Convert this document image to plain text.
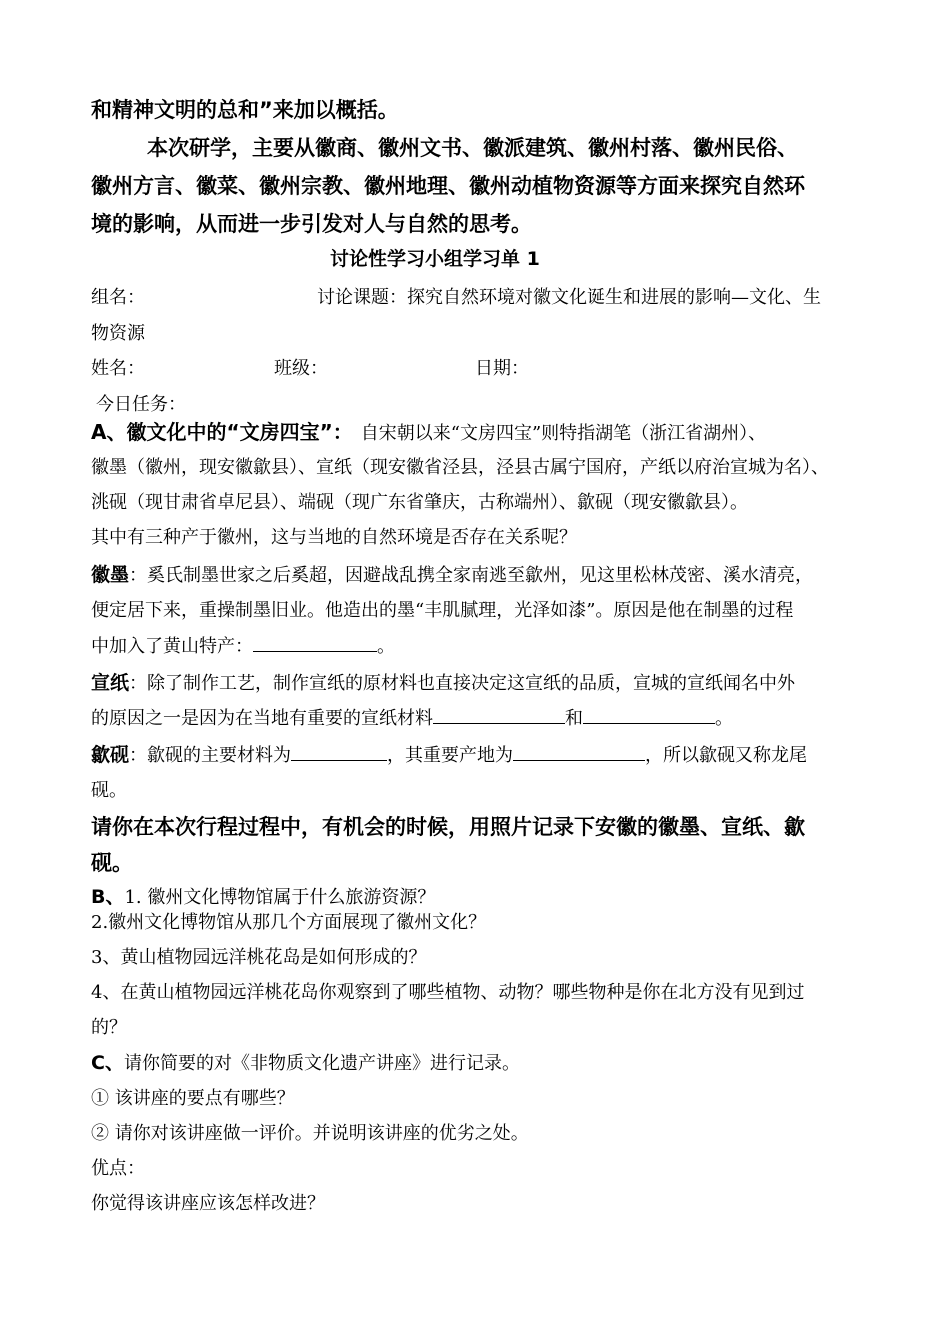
和精神文明的总和”来加以概括。
本次研学，主要从徽商、徽州文书、徽派建筑、徽州村落、徽州民俗、
徽州方言、徽菜、徽州宗教、徽州地理、徽州动植物资源等方面来探究自然环
境的影响，从而进一步引发对人与自然的思考。
讨论性学习小组学习单 1
组名：	讨论课题：探究自然环境对徽文化诞生和进展的影响—文化、生
物资源
姓名：	班级：	日期：
今日任务：
A、徽文化中的“文房四宝”： 自宋朝以来“文房四宝”则特指湖笔（浙江省湖州）、
徽墨（徽州，现安徽歙县）、宣纸（现安徽省泾县，泾县古属宁国府，产纸以府治宣城为名）、
洮砚（现甘肃省卓尼县）、端砚（现广东省肇庆，古称端州）、歙砚（现安徽歙县）。
其中有三种产于徽州，这与当地的自然环境是否存在关系呢？
徽墨：奚氏制墨世家之后奚超，因避战乱携全家南逃至歙州，见这里松林茂密、溪水清亮，
便定居下来，重操制墨旧业。他造出的墨“丰肌腻理，光泽如漆”。原因是他在制墨的过程
中加入了黄山特产：	。
宣纸：除了制作工艺，制作宣纸的原材料也直接决定这宣纸的品质，宣城的宣纸闻名中外
的原因之一是因为在当地有重要的宣纸材料	和	。
歙砚：歙砚的主要材料为	，其重要产地为	，所以歙砚又称龙尾
砚。
请你在本次行程过程中，有机会的时候，用照片记录下安徽的徽墨、宣纸、歙
砚。
B、1. 徽州文化博物馆属于什么旅游资源？
2.徽州文化博物馆从那几个方面展现了徽州文化？
3、黄山植物园远洋桃花岛是如何形成的？
4、在黄山植物园远洋桃花岛你观察到了哪些植物、动物？哪些物种是你在北方没有见到过
的？
C、请你简要的对《非物质文化遗产讲座》进行记录。
① 该讲座的要点有哪些？
② 请你对该讲座做一评价。并说明该讲座的优劣之处。
优点：
你觉得该讲座应该怎样改进？
